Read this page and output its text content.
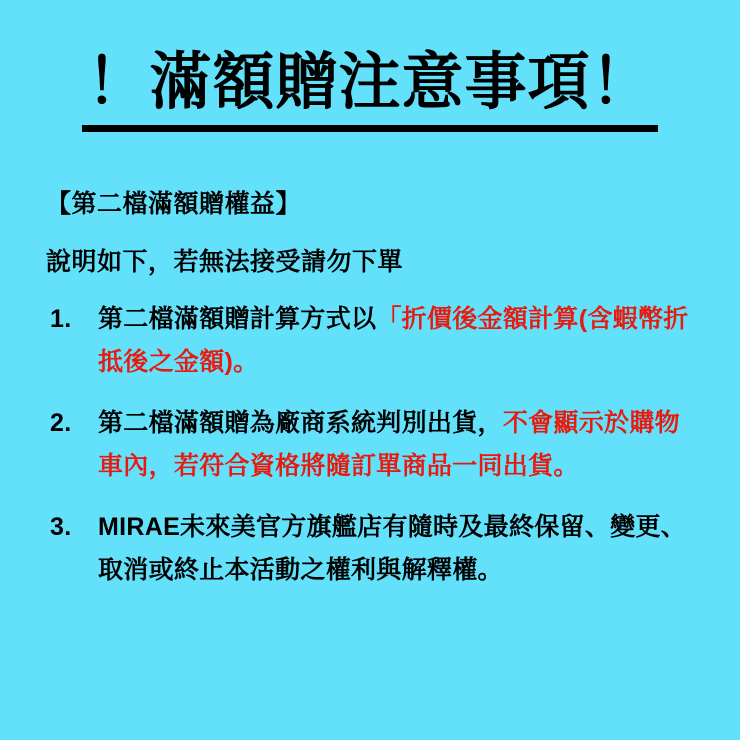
！滿額贈注意事項！
【第二檔滿額贈權益】
說明如下，若無法接受請勿下單
1. 第二檔滿額贈計算方式以「折價後金額計算(含蝦幣折抵後之金額)。
2. 第二檔滿額贈為廠商系統判別出貨，不會顯示於購物車內，若符合資格將隨訂單商品一同出貨。
3. MIRAE未來美官方旗艦店有隨時及最終保留、變更、取消或終止本活動之權利與解釋權。
